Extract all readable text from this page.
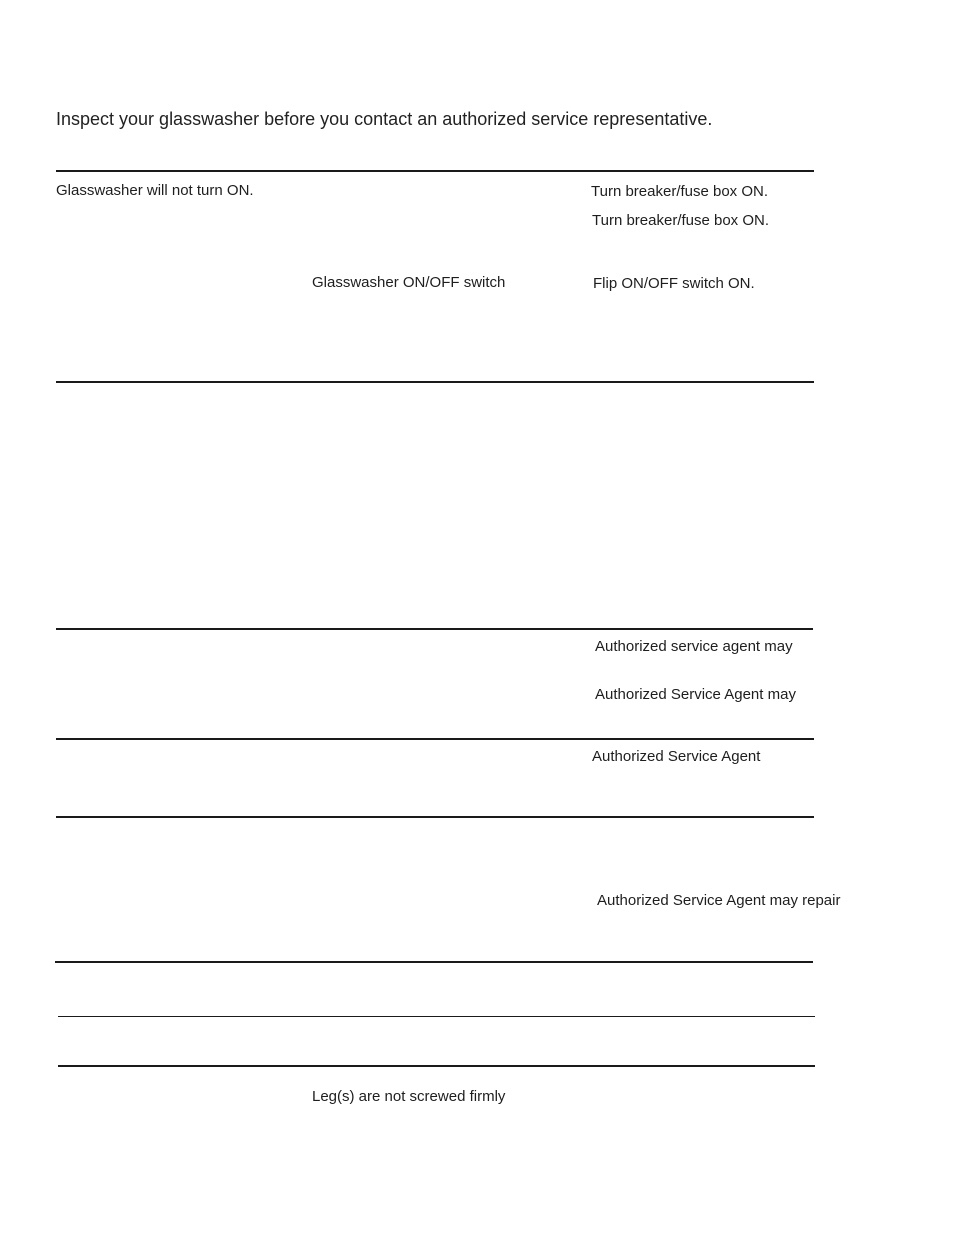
Inspect your glasswasher before you contact an authorized service representative.
Glasswasher will not turn ON.	Turn breaker/fuse box ON.
Turn breaker/fuse box ON.
Glasswasher ON/OFF switch	Flip ON/OFF switch ON.
Authorized service agent may
Authorized Service Agent may
Authorized Service Agent
Authorized Service Agent may repair
Leg(s) are not screwed firmly
